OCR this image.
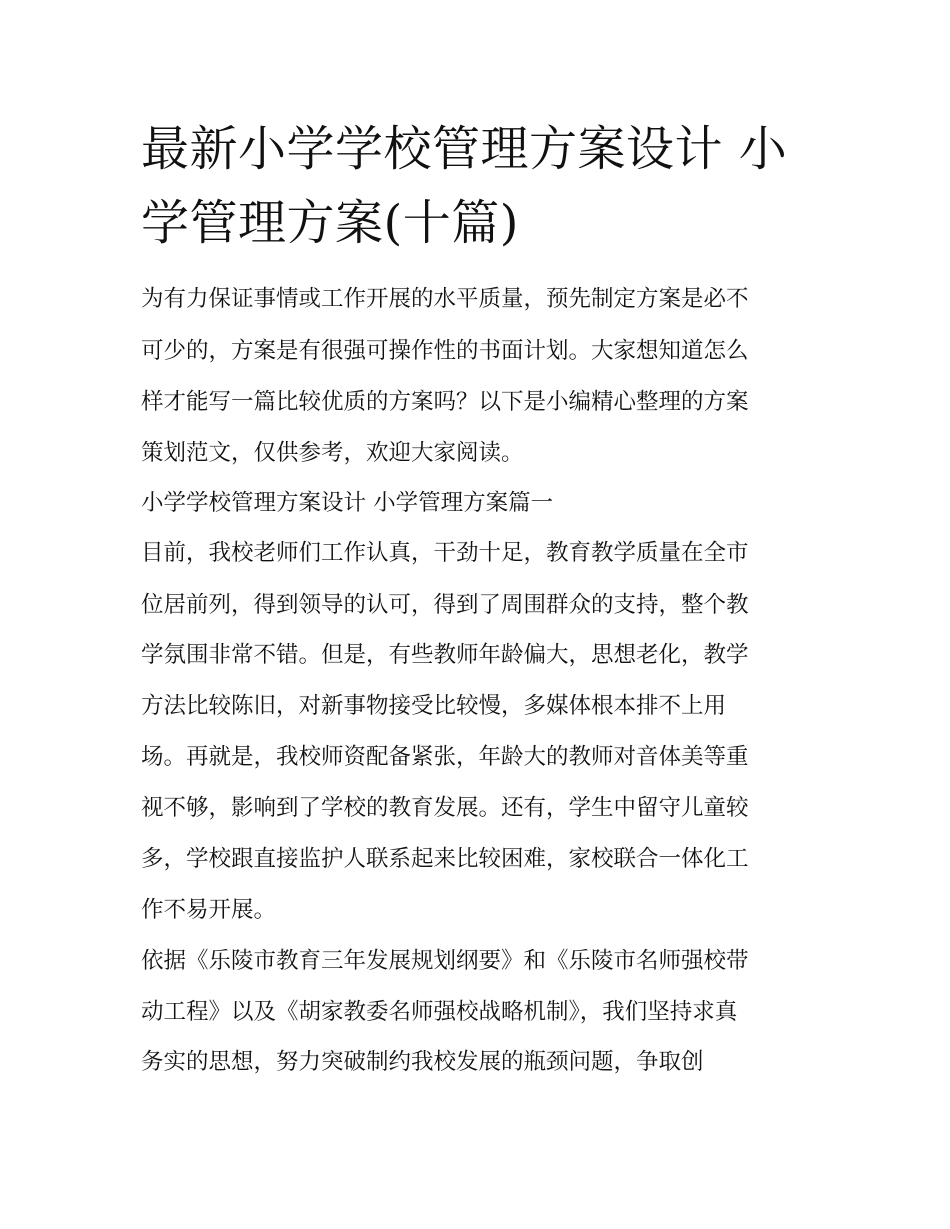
最新小学学校管理方案设计 小
学管理方案(十篇)

为有力保证事情或工作开展的水平质量，预先制定方案是必不

可少的，方案是有很强可操作性的书面计划。大家想知道怎么

样才能写一篇比较优质的方案吗？以下是小编精心整理的方案

策划范文，仅供参考，欢迎大家阅读。

小学学校管理方案设计 小学管理方案篇一

目前，我校老师们工作认真，干劲十足，教育教学质量在全市

位居前列，得到领导的认可，得到了周围群众的支持，整个教

学氛围非常不错。但是，有些教师年龄偏大，思想老化，教学

方法比较陈旧，对新事物接受比较慢，多媒体根本排不上用

场。再就是，我校师资配备紧张，年龄大的教师对音体美等重

视不够，影响到了学校的教育发展。还有，学生中留守儿童较

多，学校跟直接监护人联系起来比较困难，家校联合一体化工

作不易开展。

依据《乐陵市教育三年发展规划纲要》和《乐陵市名师强校带

动工程》以及《胡家教委名师强校战略机制》，我们坚持求真

务实的思想，努力突破制约我校发展的瓶颈问题，争取创
